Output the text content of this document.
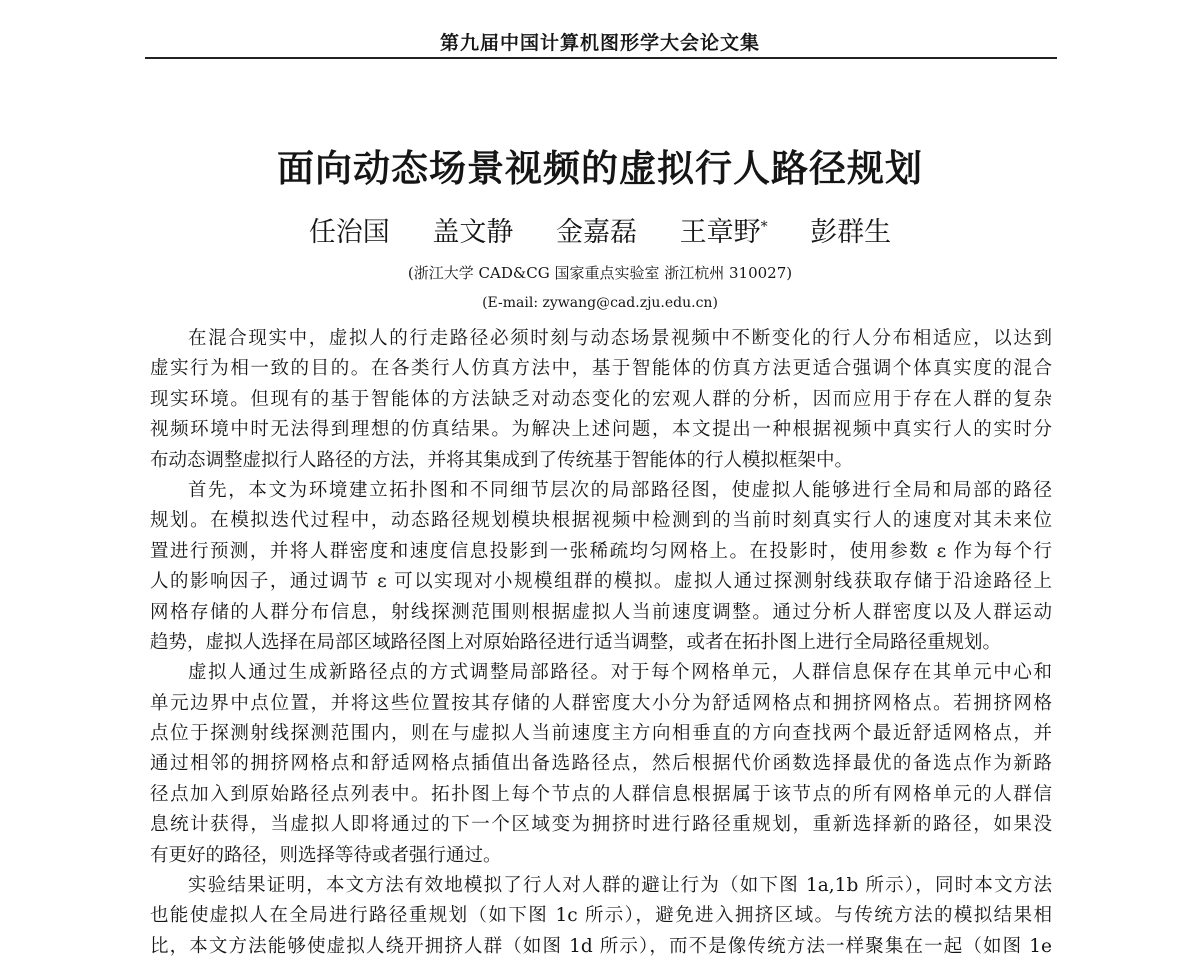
第九届中国计算机图形学大会论文集
面向动态场景视频的虚拟行人路径规划
任治国 盖文静 金嘉磊 王章野* 彭群生
(浙江大学 CAD&CG 国家重点实验室 浙江杭州 310027)
(E-mail: zywang@cad.zju.edu.cn)
在混合现实中，虚拟人的行走路径必须时刻与动态场景视频中不断变化的行人分布相适应，以达到
虚实行为相一致的目的。在各类行人仿真方法中，基于智能体的仿真方法更适合强调个体真实度的混合
现实环境。但现有的基于智能体的方法缺乏对动态变化的宏观人群的分析，因而应用于存在人群的复杂
视频环境中时无法得到理想的仿真结果。为解决上述问题，本文提出一种根据视频中真实行人的实时分
布动态调整虚拟行人路径的方法，并将其集成到了传统基于智能体的行人模拟框架中。
首先，本文为环境建立拓扑图和不同细节层次的局部路径图，使虚拟人能够进行全局和局部的路径
规划。在模拟迭代过程中，动态路径规划模块根据视频中检测到的当前时刻真实行人的速度对其未来位
置进行预测，并将人群密度和速度信息投影到一张稀疏均匀网格上。在投影时，使用参数 ε 作为每个行
人的影响因子，通过调节 ε 可以实现对小规模组群的模拟。虚拟人通过探测射线获取存储于沿途路径上
网格存储的人群分布信息，射线探测范围则根据虚拟人当前速度调整。通过分析人群密度以及人群运动
趋势，虚拟人选择在局部区域路径图上对原始路径进行适当调整，或者在拓扑图上进行全局路径重规划。
虚拟人通过生成新路径点的方式调整局部路径。对于每个网格单元，人群信息保存在其单元中心和
单元边界中点位置，并将这些位置按其存储的人群密度大小分为舒适网格点和拥挤网格点。若拥挤网格
点位于探测射线探测范围内，则在与虚拟人当前速度主方向相垂直的方向查找两个最近舒适网格点，并
通过相邻的拥挤网格点和舒适网格点插值出备选路径点，然后根据代价函数选择最优的备选点作为新路
径点加入到原始路径点列表中。拓扑图上每个节点的人群信息根据属于该节点的所有网格单元的人群信
息统计获得，当虚拟人即将通过的下一个区域变为拥挤时进行路径重规划，重新选择新的路径，如果没
有更好的路径，则选择等待或者强行通过。
实验结果证明，本文方法有效地模拟了行人对人群的避让行为（如下图 1a,1b 所示），同时本文方法
也能使虚拟人在全局进行路径重规划（如下图 1c 所示），避免进入拥挤区域。与传统方法的模拟结果相
比，本文方法能够使虚拟人绕开拥挤人群（如图 1d 所示），而不是像传统方法一样聚集在一起（如图 1e
